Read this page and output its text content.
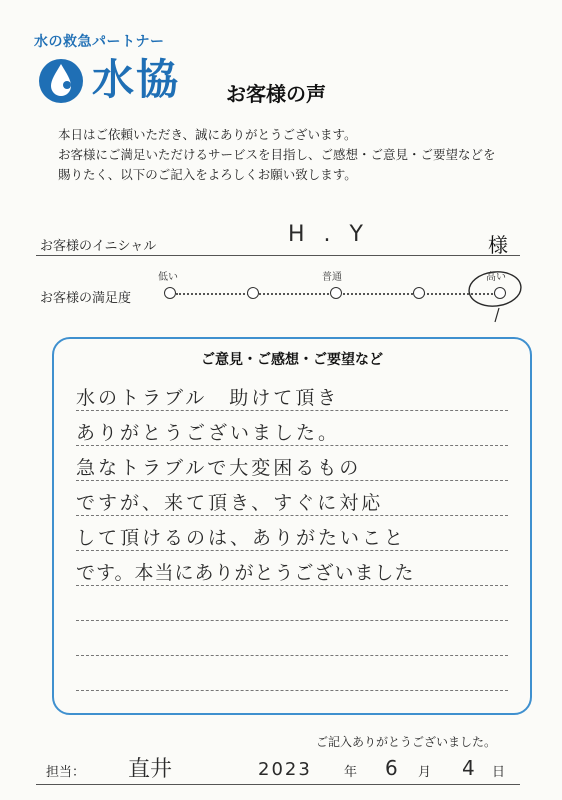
水の救急パートナー
水協 お客様の声
本日はご依頼いただき、誠にありがとうございます。
お客様にご満足いただけるサービスを目指し、ご感想・ご意見・ご要望などを
賜りたく、以下のご記入をよろしくお願い致します。
お客様のイニシャル	H . Y	様
低い	普通	高い
お客様の満足度
ご意見・ご感想・ご要望など
水のトラブル　助けて頂き
ありがとうございました。
急なトラブルで大変困るもの
ですが、来て頂き、すぐに対応
して頂けるのは、ありがたいこと
です。本当にありがとうございました
ご記入ありがとうございました。
担当： 直井	2023 年 6 月 4 日
